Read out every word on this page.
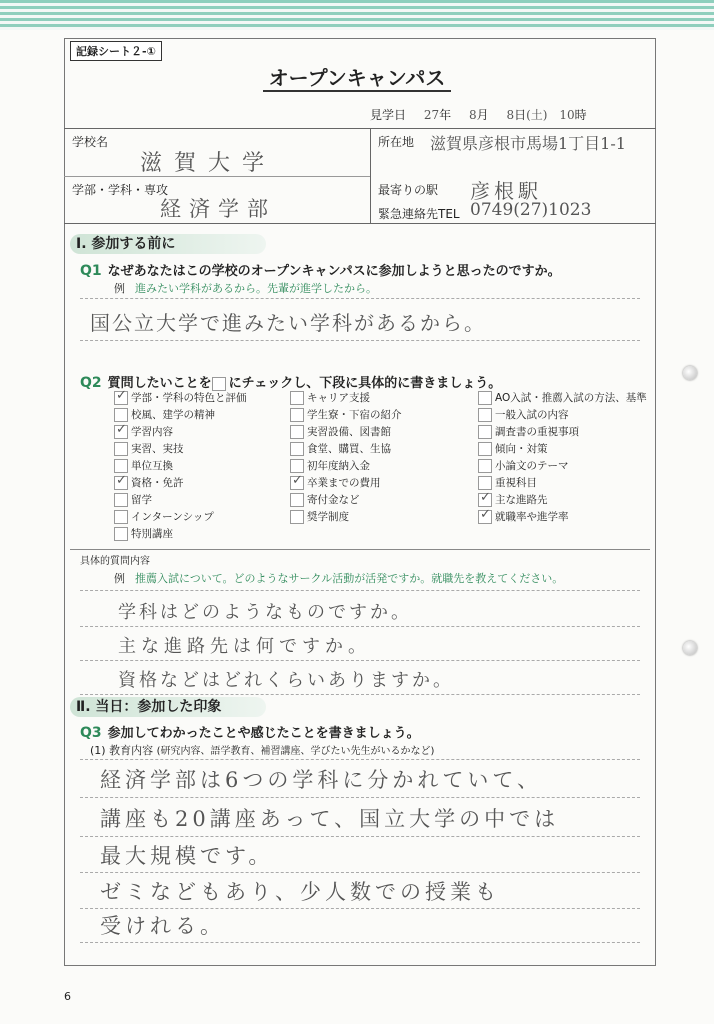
記録シート２-①
オープンキャンパス
見学日 27年 8月 8日(土) 10時
学校名
滋賀大学
学部・学科・専攻
経済学部
所在地 滋賀県彦根市馬場1丁目1-1
最寄りの駅 彦根駅
緊急連絡先TEL 0749(27)1023
Ⅰ. 参加する前に
Q1 なぜあなたはこの学校のオープンキャンパスに参加しようと思ったのですか。
例 進みたい学科があるから。先輩が進学したから。
国公立大学で進みたい学科があるから。
Q2 質問したいことを にチェックし、下段に具体的に書きましょう。
✓学部・学科の特色と評価
校風、建学の精神
✓学習内容
実習、実技
単位互換
✓資格・免許
留学
インターンシップ
特別講座
キャリア支援
学生寮・下宿の紹介
実習設備、図書館
食堂、購買、生協
初年度納入金
✓卒業までの費用
寄付金など
奨学制度
AO入試・推薦入試の方法、基準
一般入試の内容
調査書の重視事項
傾向・対策
小論文のテーマ
重視科目
✓主な進路先
✓就職率や進学率
具体的質問内容
例 推薦入試について。どのようなサークル活動が活発ですか。就職先を教えてください。
学科はどのようなものですか。
主な進路先は何ですか。
資格などはどれくらいありますか。
Ⅱ. 当日：参加した印象
Q3 参加してわかったことや感じたことを書きましょう。
(1) 教育内容 (研究内容、語学教育、補習講座、学びたい先生がいるかなど)
経済学部は6つの学科に分かれていて、
講座も20講座あって、国立大学の中では
最大規模です。
ゼミなどもあり、少人数での授業も
受けれる。
6
